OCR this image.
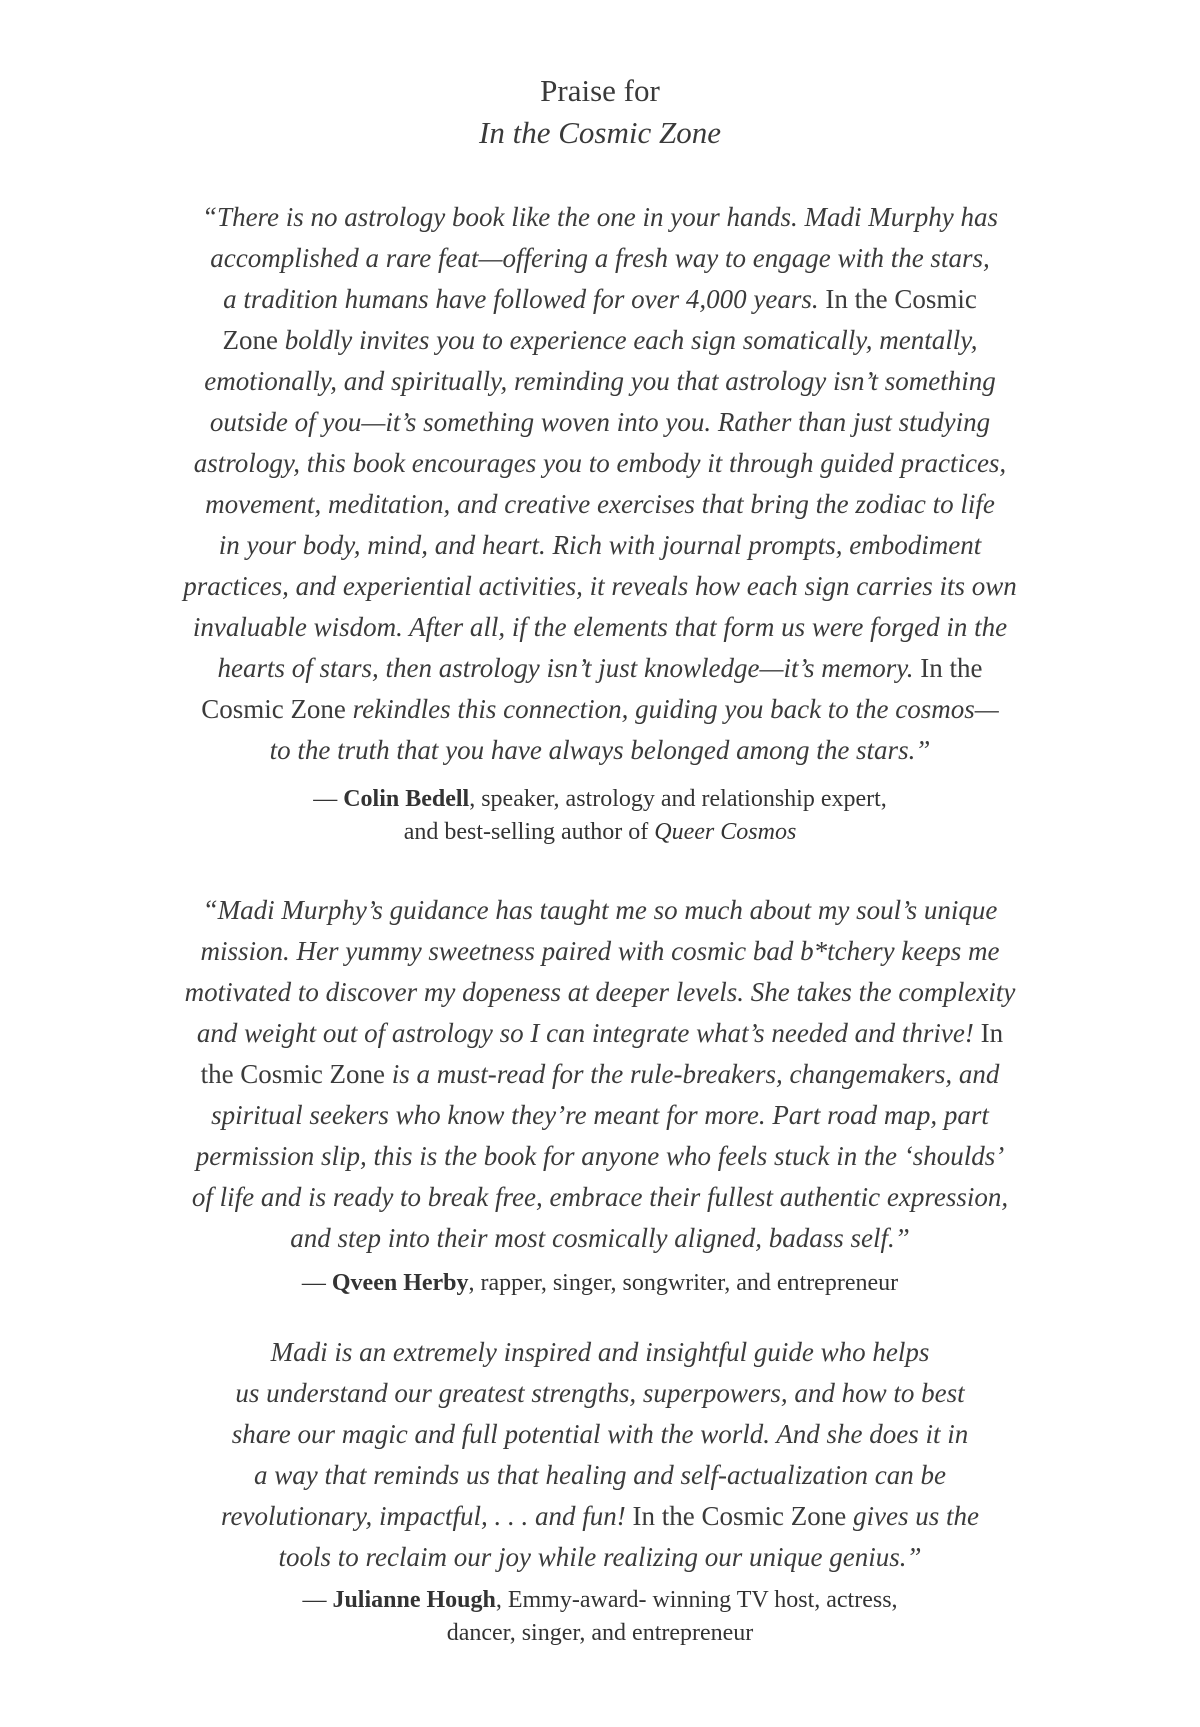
Praise for
In the Cosmic Zone
“There is no astrology book like the one in your hands. Madi Murphy has
accomplished a rare feat—offering a fresh way to engage with the stars,
a tradition humans have followed for over 4,000 years. In the Cosmic
Zone boldly invites you to experience each sign somatically, mentally,
emotionally, and spiritually, reminding you that astrology isn’t something
outside of you—it’s something woven into you. Rather than just studying
astrology, this book encourages you to embody it through guided practices,
movement, meditation, and creative exercises that bring the zodiac to life
in your body, mind, and heart. Rich with journal prompts, embodiment
practices, and experiential activities, it reveals how each sign carries its own
invaluable wisdom. After all, if the elements that form us were forged in the
hearts of stars, then astrology isn’t just knowledge—it’s memory. In the
Cosmic Zone rekindles this connection, guiding you back to the cosmos—
to the truth that you have always belonged among the stars.”
— Colin Bedell, speaker, astrology and relationship expert,
and best-selling author of Queer Cosmos
“Madi Murphy’s guidance has taught me so much about my soul’s unique
mission. Her yummy sweetness paired with cosmic bad b*tchery keeps me
motivated to discover my dopeness at deeper levels. She takes the complexity
and weight out of astrology so I can integrate what’s needed and thrive! In
the Cosmic Zone is a must-read for the rule-breakers, changemakers, and
spiritual seekers who know they’re meant for more. Part road map, part
permission slip, this is the book for anyone who feels stuck in the ‘shoulds’
of life and is ready to break free, embrace their fullest authentic expression,
and step into their most cosmically aligned, badass self.”
— Qveen Herby, rapper, singer, songwriter, and entrepreneur
Madi is an extremely inspired and insightful guide who helps
us understand our greatest strengths, superpowers, and how to best
share our magic and full potential with the world. And she does it in
a way that reminds us that healing and self-actualization can be
revolutionary, impactful, . . . and fun! In the Cosmic Zone gives us the
tools to reclaim our joy while realizing our unique genius.”
— Julianne Hough, Emmy-award- winning TV host, actress,
dancer, singer, and entrepreneur
